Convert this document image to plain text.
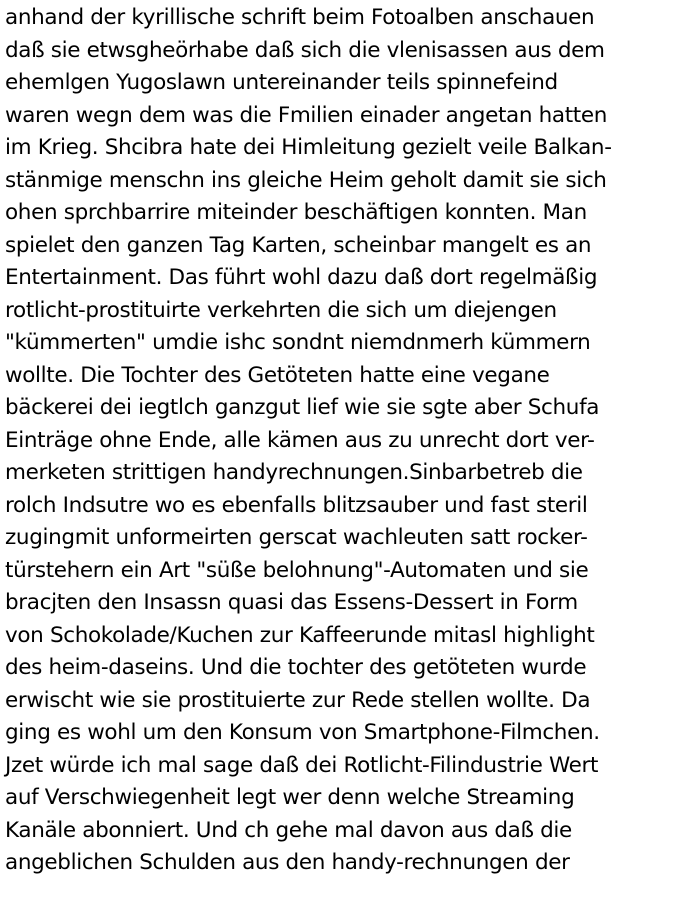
anhand der kyrillische schrift beim Fotoalben anschauen
daß sie etwsgheörhabe daß sich die vlenisassen aus dem
ehemlgen Yugoslawn untereinander teils spinnefeind
waren wegn dem was die Fmilien einader angetan hatten
im Krieg. Shcibra hate dei Himleitung gezielt veile Balkan-
stänmige menschn ins gleiche Heim geholt damit sie sich
ohen sprchbarrire miteinder beschäftigen konnten. Man
spielet den ganzen Tag Karten, scheinbar mangelt es an
Entertainment. Das führt wohl dazu daß dort regelmäßig
rotlicht-prostituirte verkehrten die sich um diejengen
"kümmerten" umdie ishc sondnt niemdnmerh kümmern
wollte. Die Tochter des Getöteten hatte eine vegane
bäckerei dei iegtlch ganzgut lief wie sie sgte aber Schufa
Einträge ohne Ende, alle kämen aus zu unrecht dort ver-
merketen strittigen handyrechnungen.Sinbarbetreb die
rolch Indsutre wo es ebenfalls blitzsauber und fast steril
zugingmit unformeirten gerscat wachleuten satt rocker-
türstehern ein Art "süße belohnung"-Automaten und sie
bracjten den Insassn quasi das Essens-Dessert in Form
von Schokolade/Kuchen zur Kaffeerunde mitasl highlight
des heim-daseins. Und die tochter des getöteten wurde
erwischt wie sie prostituierte zur Rede stellen wollte. Da
ging es wohl um den Konsum von Smartphone-Filmchen.
Jzet würde ich mal sage daß dei Rotlicht-Filindustrie Wert
auf Verschwiegenheit legt wer denn welche Streaming
Kanäle abonniert. Und ch gehe mal davon aus daß die
angeblichen Schulden aus den handy-rechnungen der
